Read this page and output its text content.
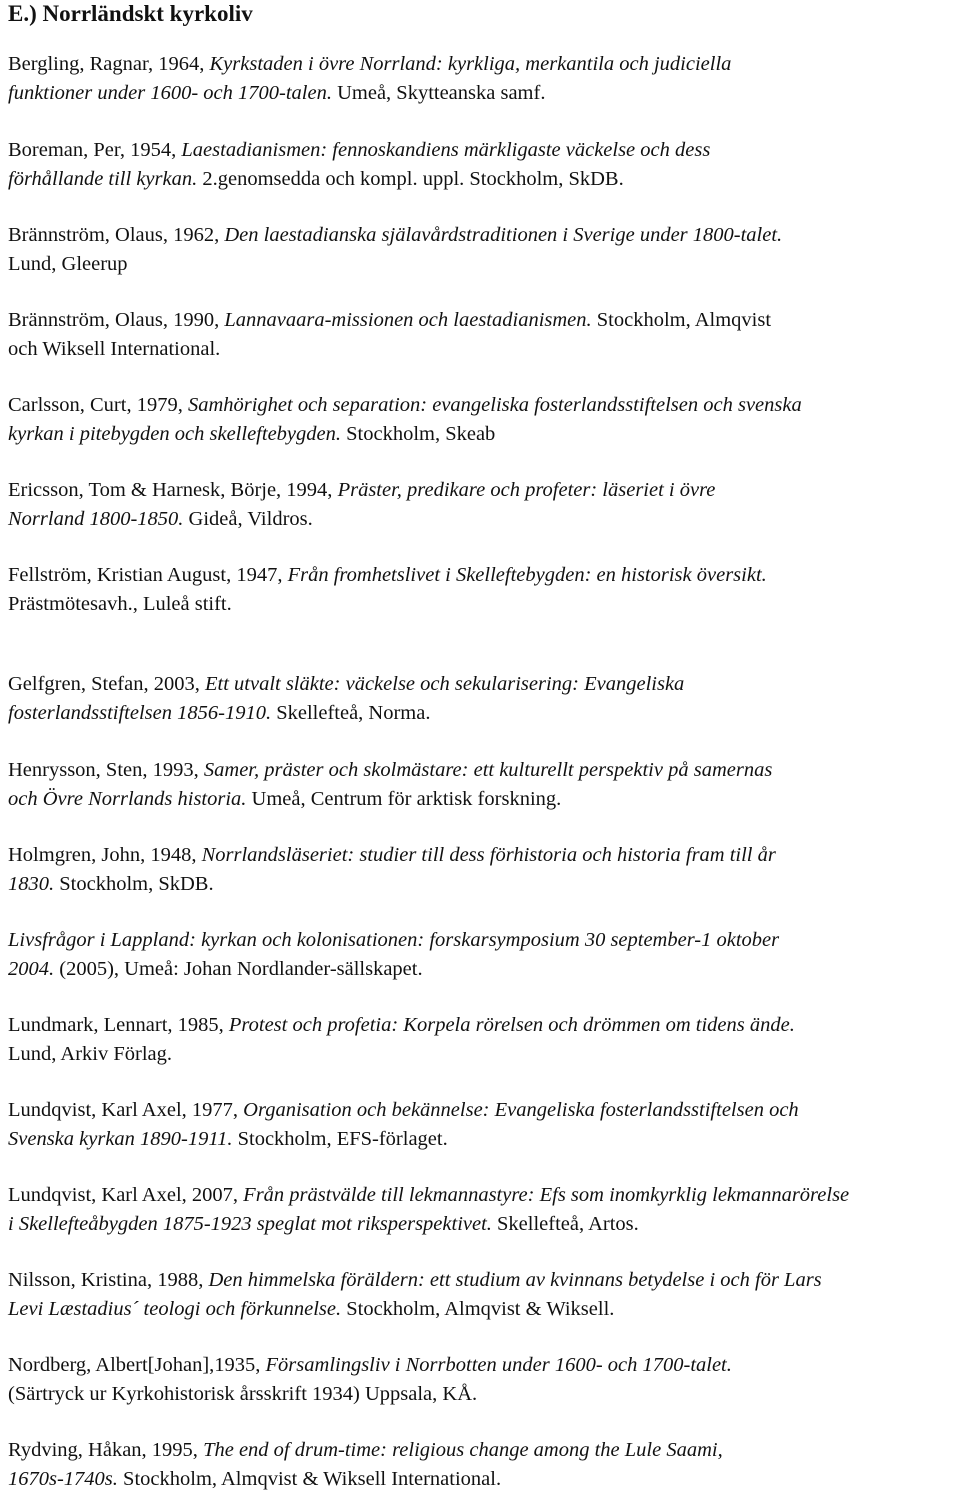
E.) Norrländskt kyrkoliv

Bergling, Ragnar, 1964, Kyrkstaden i övre Norrland: kyrkliga, merkantila och judiciella
funktioner under 1600- och 1700-talen. Umeå, Skytteanska samf.

Boreman, Per, 1954, Laestadianismen: fennoskandiens märkligaste väckelse och dess
förhållande till kyrkan. 2.genomsedda och kompl. uppl. Stockholm, SkDB.

Brännström, Olaus, 1962, Den laestadianska själavårdstraditionen i Sverige under 1800-talet.
Lund, Gleerup

Brännström, Olaus, 1990, Lannavaara-missionen och laestadianismen. Stockholm, Almqvist
och Wiksell International.

Carlsson, Curt, 1979, Samhörighet och separation: evangeliska fosterlandsstiftelsen och svenska
kyrkan i pitebygden och skelleftebygden. Stockholm, Skeab

Ericsson, Tom & Harnesk, Börje, 1994, Präster, predikare och profeter: läseriet i övre
Norrland 1800-1850. Gideå, Vildros.

Fellström, Kristian August, 1947, Från fromhetslivet i Skelleftebygden: en historisk översikt.
Prästmötesavh., Luleå stift.

Gelfgren, Stefan, 2003, Ett utvalt släkte: väckelse och sekularisering: Evangeliska
fosterlandsstiftelsen 1856-1910. Skellefteå, Norma.

Henrysson, Sten, 1993, Samer, präster och skolmästare: ett kulturellt perspektiv på samernas
och Övre Norrlands historia. Umeå, Centrum för arktisk forskning.

Holmgren, John, 1948, Norrlandsläseriet: studier till dess förhistoria och historia fram till år
1830. Stockholm, SkDB.

Livsfrågor i Lappland: kyrkan och kolonisationen: forskarsymposium 30 september-1 oktober
2004. (2005), Umeå: Johan Nordlander-sällskapet.

Lundmark, Lennart, 1985, Protest och profetia: Korpela rörelsen och drömmen om tidens ände.
Lund, Arkiv Förlag.

Lundqvist, Karl Axel, 1977, Organisation och bekännelse: Evangeliska fosterlandsstiftelsen och
Svenska kyrkan 1890-1911. Stockholm, EFS-förlaget.

Lundqvist, Karl Axel, 2007, Från prästvälde till lekmannastyre: Efs som inomkyrklig lekmannarörelse
i Skellefteåbygden 1875-1923 speglat mot riksperspektivet. Skellefteå, Artos.

Nilsson, Kristina, 1988, Den himmelska föräldern: ett studium av kvinnans betydelse i och för Lars
Levi Læstadius´ teologi och förkunnelse. Stockholm, Almqvist & Wiksell.

Nordberg, Albert[Johan],1935, Församlingsliv i Norrbotten under 1600- och 1700-talet.
(Särtryck ur Kyrkohistorisk årsskrift 1934) Uppsala, KÅ.

Rydving, Håkan, 1995, The end of drum-time: religious change among the Lule Saami,
1670s-1740s. Stockholm, Almqvist & Wiksell International.
